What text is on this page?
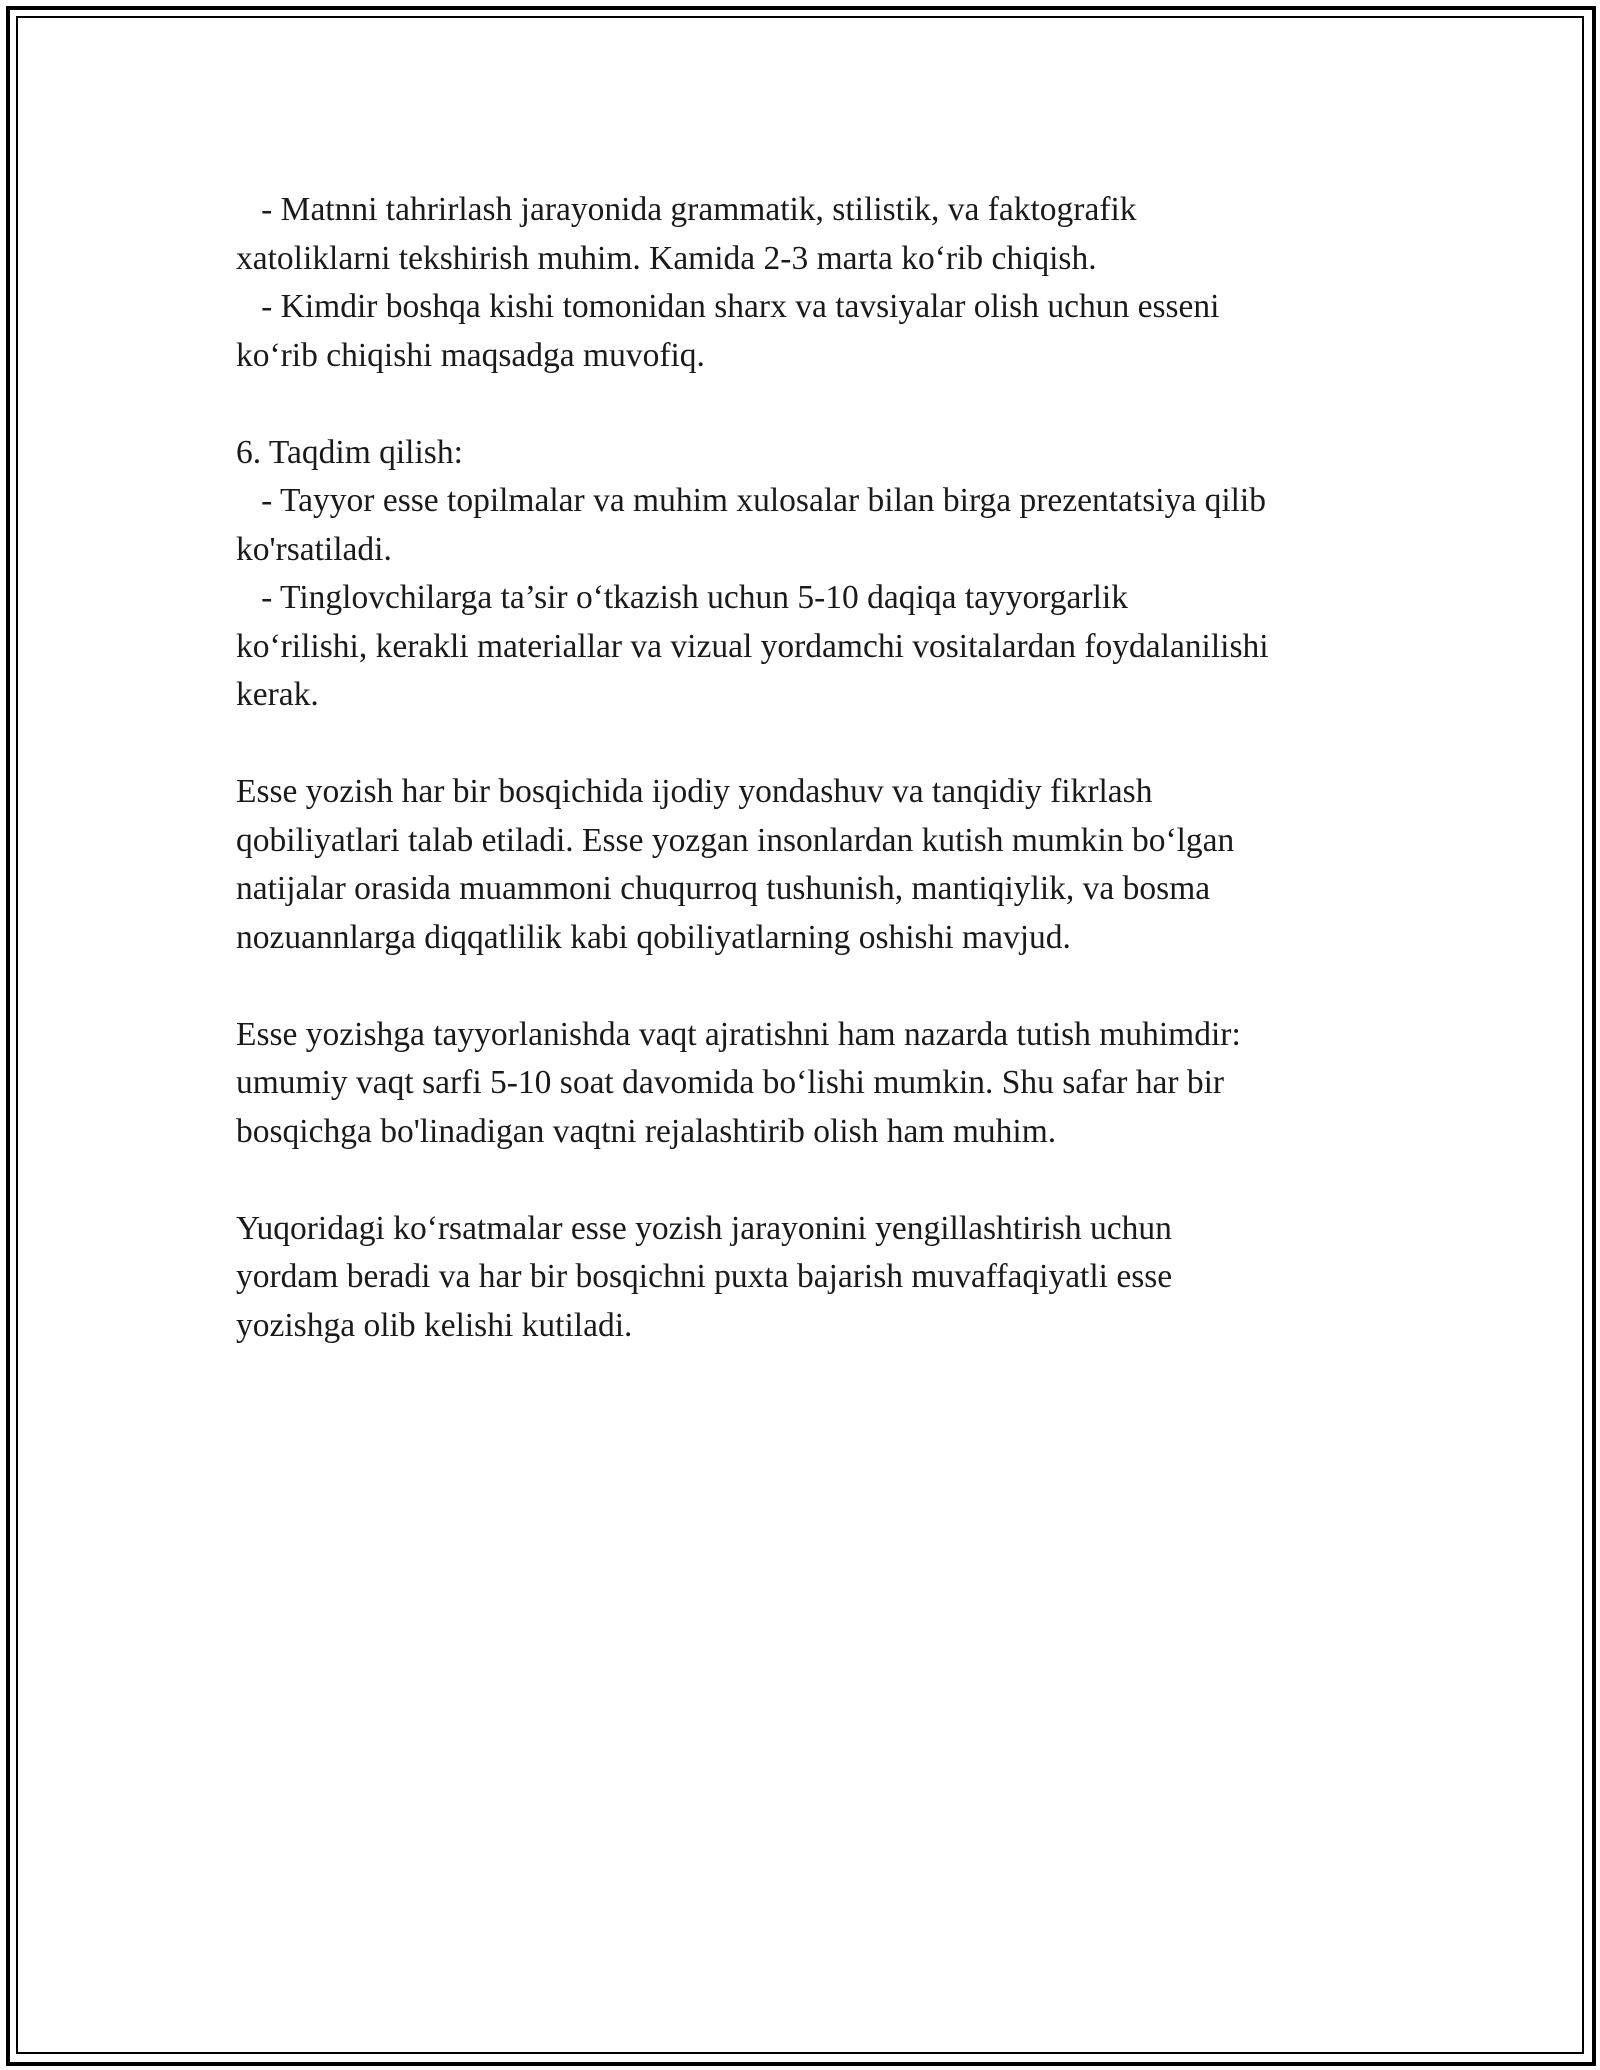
- Matnni tahrirlash jarayonida grammatik, stilistik, va faktografik
xatoliklarni tekshirish muhim. Kamida 2-3 marta ko‘rib chiqish.
- Kimdir boshqa kishi tomonidan sharx va tavsiyalar olish uchun esseni
ko‘rib chiqishi maqsadga muvofiq.
6. Taqdim qilish:
- Tayyor esse topilmalar va muhim xulosalar bilan birga prezentatsiya qilib
ko'rsatiladi.
- Tinglovchilarga ta’sir o‘tkazish uchun 5-10 daqiqa tayyorgarlik
ko‘rilishi, kerakli materiallar va vizual yordamchi vositalardan foydalanilishi
kerak.
Esse yozish har bir bosqichida ijodiy yondashuv va tanqidiy fikrlash
qobiliyatlari talab etiladi. Esse yozgan insonlardan kutish mumkin bo‘lgan
natijalar orasida muammoni chuqurroq tushunish, mantiqiylik, va bosma
nozuannlarga diqqatlilik kabi qobiliyatlarning oshishi mavjud.
Esse yozishga tayyorlanishda vaqt ajratishni ham nazarda tutish muhimdir:
umumiy vaqt sarfi 5-10 soat davomida bo‘lishi mumkin. Shu safar har bir
bosqichga bo'linadigan vaqtni rejalashtirib olish ham muhim.
Yuqoridagi ko‘rsatmalar esse yozish jarayonini yengillashtirish uchun
yordam beradi va har bir bosqichni puxta bajarish muvaffaqiyatli esse
yozishga olib kelishi kutiladi.
